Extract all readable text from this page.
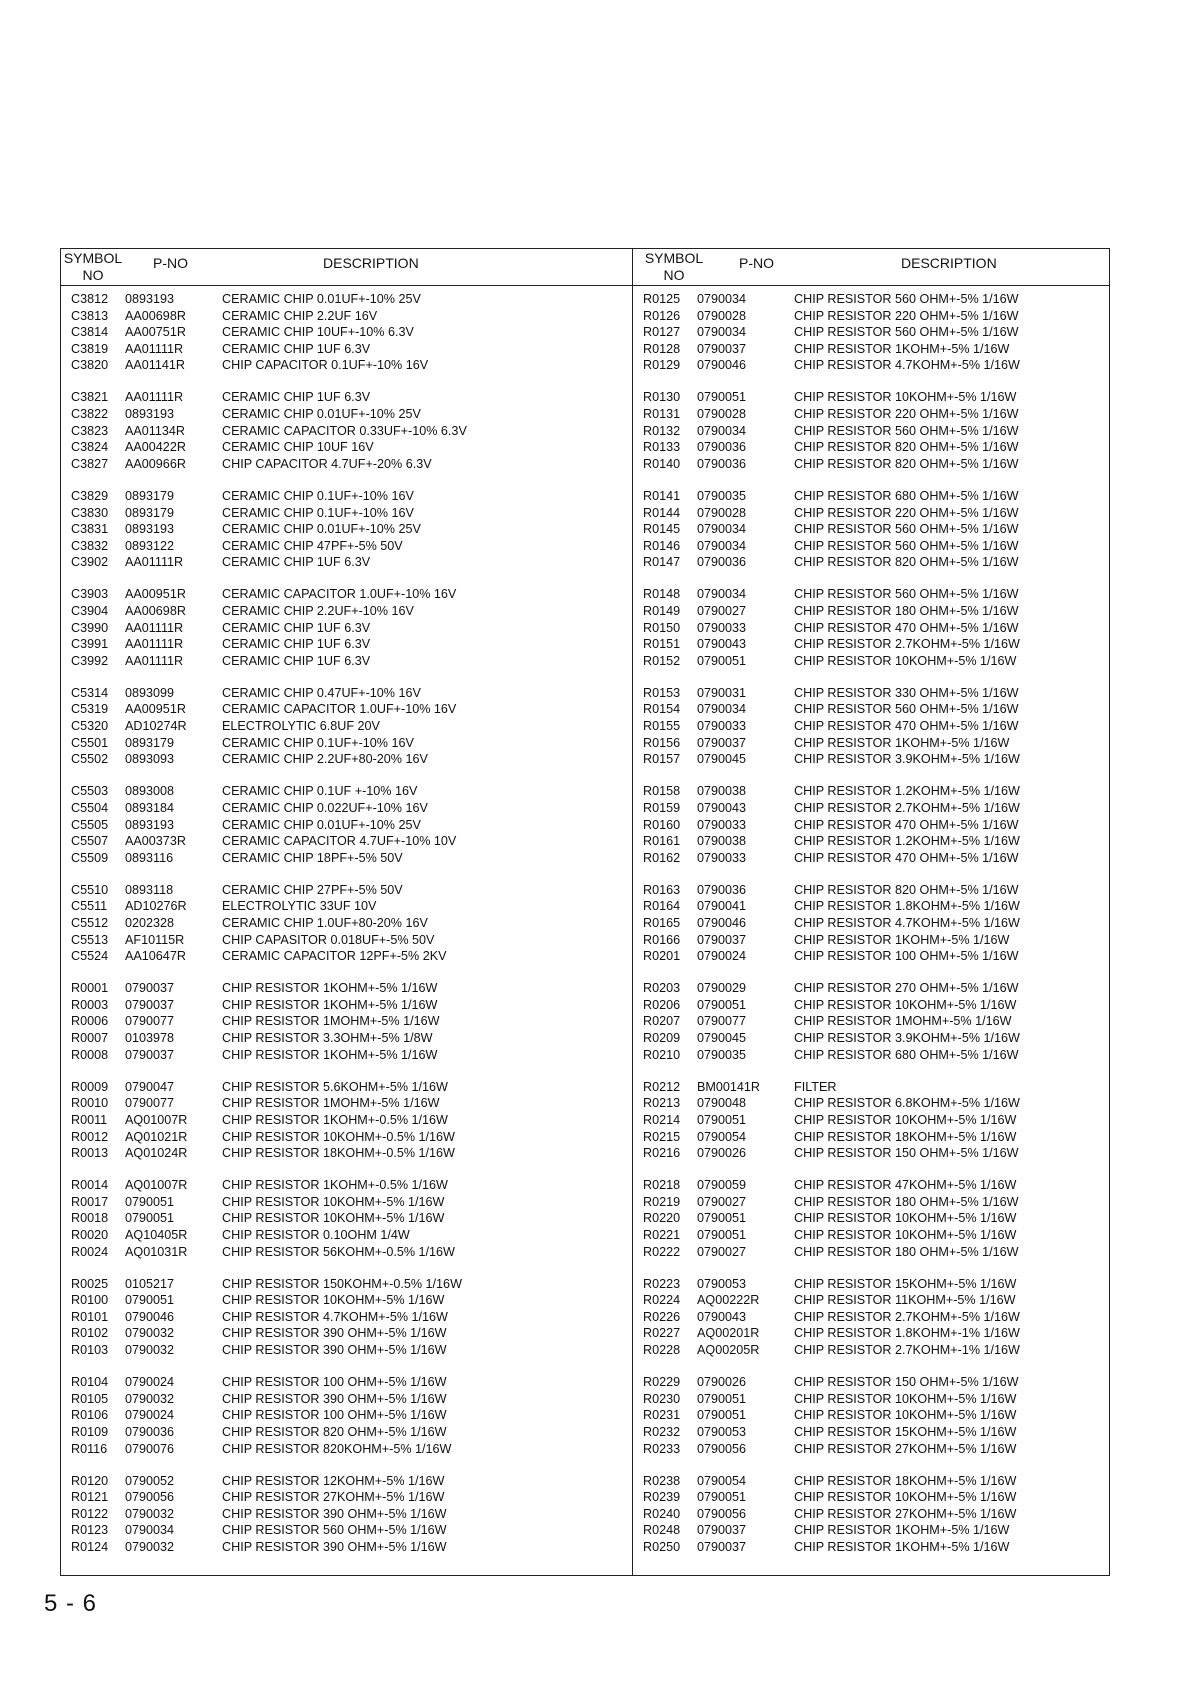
SYMBOL
NO
P-NO	DESCRIPTION	SYMBOL
NO
P-NO	DESCRIPTION
C3812	0893193	CERAMIC CHIP 0.01UF+-10% 25V
C3813	AA00698R	CERAMIC CHIP 2.2UF 16V
C3814	AA00751R	CERAMIC CHIP 10UF+-10% 6.3V
C3819	AA01111R	CERAMIC CHIP 1UF 6.3V
C3820	AA01141R	CHIP CAPACITOR 0.1UF+-10% 16V
C3821	AA01111R	CERAMIC CHIP 1UF 6.3V
C3822	0893193	CERAMIC CHIP 0.01UF+-10% 25V
C3823	AA01134R	CERAMIC CAPACITOR 0.33UF+-10% 6.3V
C3824	AA00422R	CERAMIC CHIP 10UF 16V
C3827	AA00966R	CHIP CAPACITOR 4.7UF+-20% 6.3V
C3829	0893179	CERAMIC CHIP 0.1UF+-10% 16V
C3830	0893179	CERAMIC CHIP 0.1UF+-10% 16V
C3831	0893193	CERAMIC CHIP 0.01UF+-10% 25V
C3832	0893122	CERAMIC CHIP 47PF+-5% 50V
C3902	AA01111R	CERAMIC CHIP 1UF 6.3V
C3903	AA00951R	CERAMIC CAPACITOR 1.0UF+-10% 16V
C3904	AA00698R	CERAMIC CHIP 2.2UF+-10% 16V
C3990	AA01111R	CERAMIC CHIP 1UF 6.3V
C3991	AA01111R	CERAMIC CHIP 1UF 6.3V
C3992	AA01111R	CERAMIC CHIP 1UF 6.3V
C5314	0893099	CERAMIC CHIP 0.47UF+-10% 16V
C5319	AA00951R	CERAMIC CAPACITOR 1.0UF+-10% 16V
C5320	AD10274R	ELECTROLYTIC 6.8UF 20V
C5501	0893179	CERAMIC CHIP 0.1UF+-10% 16V
C5502	0893093	CERAMIC CHIP 2.2UF+80-20% 16V
C5503	0893008	CERAMIC CHIP 0.1UF +-10% 16V
C5504	0893184	CERAMIC CHIP 0.022UF+-10% 16V
C5505	0893193	CERAMIC CHIP 0.01UF+-10% 25V
C5507	AA00373R	CERAMIC CAPACITOR 4.7UF+-10% 10V
C5509	0893116	CERAMIC CHIP 18PF+-5% 50V
C5510	0893118	CERAMIC CHIP 27PF+-5% 50V
C5511	AD10276R	ELECTROLYTIC 33UF 10V
C5512	0202328	CERAMIC CHIP 1.0UF+80-20% 16V
C5513	AF10115R	CHIP CAPASITOR 0.018UF+-5% 50V
C5524	AA10647R	CERAMIC CAPACITOR 12PF+-5% 2KV
R0001	0790037	CHIP RESISTOR 1KOHM+-5% 1/16W
R0003	0790037	CHIP RESISTOR 1KOHM+-5% 1/16W
R0006	0790077	CHIP RESISTOR 1MOHM+-5% 1/16W
R0007	0103978	CHIP RESISTOR 3.3OHM+-5% 1/8W
R0008	0790037	CHIP RESISTOR 1KOHM+-5% 1/16W
R0009	0790047	CHIP RESISTOR 5.6KOHM+-5% 1/16W
R0010	0790077	CHIP RESISTOR 1MOHM+-5% 1/16W
R0011	AQ01007R	CHIP RESISTOR 1KOHM+-0.5% 1/16W
R0012	AQ01021R	CHIP RESISTOR 10KOHM+-0.5% 1/16W
R0013	AQ01024R	CHIP RESISTOR 18KOHM+-0.5% 1/16W
R0014	AQ01007R	CHIP RESISTOR 1KOHM+-0.5% 1/16W
R0017	0790051	CHIP RESISTOR 10KOHM+-5% 1/16W
R0018	0790051	CHIP RESISTOR 10KOHM+-5% 1/16W
R0020	AQ10405R	CHIP RESISTOR 0.10OHM 1/4W
R0024	AQ01031R	CHIP RESISTOR 56KOHM+-0.5% 1/16W
R0025	0105217	CHIP RESISTOR 150KOHM+-0.5% 1/16W
R0100	0790051	CHIP RESISTOR 10KOHM+-5% 1/16W
R0101	0790046	CHIP RESISTOR 4.7KOHM+-5% 1/16W
R0102	0790032	CHIP RESISTOR 390 OHM+-5% 1/16W
R0103	0790032	CHIP RESISTOR 390 OHM+-5% 1/16W
R0104	0790024	CHIP RESISTOR 100 OHM+-5% 1/16W
R0105	0790032	CHIP RESISTOR 390 OHM+-5% 1/16W
R0106	0790024	CHIP RESISTOR 100 OHM+-5% 1/16W
R0109	0790036	CHIP RESISTOR 820 OHM+-5% 1/16W
R0116	0790076	CHIP RESISTOR 820KOHM+-5% 1/16W
R0120	0790052	CHIP RESISTOR 12KOHM+-5% 1/16W
R0121	0790056	CHIP RESISTOR 27KOHM+-5% 1/16W
R0122	0790032	CHIP RESISTOR 390 OHM+-5% 1/16W
R0123	0790034	CHIP RESISTOR 560 OHM+-5% 1/16W
R0124	0790032	CHIP RESISTOR 390 OHM+-5% 1/16W
R0125	0790034	CHIP RESISTOR 560 OHM+-5% 1/16W
R0126	0790028	CHIP RESISTOR 220 OHM+-5% 1/16W
R0127	0790034	CHIP RESISTOR 560 OHM+-5% 1/16W
R0128	0790037	CHIP RESISTOR 1KOHM+-5% 1/16W
R0129	0790046	CHIP RESISTOR 4.7KOHM+-5% 1/16W
R0130	0790051	CHIP RESISTOR 10KOHM+-5% 1/16W
R0131	0790028	CHIP RESISTOR 220 OHM+-5% 1/16W
R0132	0790034	CHIP RESISTOR 560 OHM+-5% 1/16W
R0133	0790036	CHIP RESISTOR 820 OHM+-5% 1/16W
R0140	0790036	CHIP RESISTOR 820 OHM+-5% 1/16W
R0141	0790035	CHIP RESISTOR 680 OHM+-5% 1/16W
R0144	0790028	CHIP RESISTOR 220 OHM+-5% 1/16W
R0145	0790034	CHIP RESISTOR 560 OHM+-5% 1/16W
R0146	0790034	CHIP RESISTOR 560 OHM+-5% 1/16W
R0147	0790036	CHIP RESISTOR 820 OHM+-5% 1/16W
R0148	0790034	CHIP RESISTOR 560 OHM+-5% 1/16W
R0149	0790027	CHIP RESISTOR 180 OHM+-5% 1/16W
R0150	0790033	CHIP RESISTOR 470 OHM+-5% 1/16W
R0151	0790043	CHIP RESISTOR 2.7KOHM+-5% 1/16W
R0152	0790051	CHIP RESISTOR 10KOHM+-5% 1/16W
R0153	0790031	CHIP RESISTOR 330 OHM+-5% 1/16W
R0154	0790034	CHIP RESISTOR 560 OHM+-5% 1/16W
R0155	0790033	CHIP RESISTOR 470 OHM+-5% 1/16W
R0156	0790037	CHIP RESISTOR 1KOHM+-5% 1/16W
R0157	0790045	CHIP RESISTOR 3.9KOHM+-5% 1/16W
R0158	0790038	CHIP RESISTOR 1.2KOHM+-5% 1/16W
R0159	0790043	CHIP RESISTOR 2.7KOHM+-5% 1/16W
R0160	0790033	CHIP RESISTOR 470 OHM+-5% 1/16W
R0161	0790038	CHIP RESISTOR 1.2KOHM+-5% 1/16W
R0162	0790033	CHIP RESISTOR 470 OHM+-5% 1/16W
R0163	0790036	CHIP RESISTOR 820 OHM+-5% 1/16W
R0164	0790041	CHIP RESISTOR 1.8KOHM+-5% 1/16W
R0165	0790046	CHIP RESISTOR 4.7KOHM+-5% 1/16W
R0166	0790037	CHIP RESISTOR 1KOHM+-5% 1/16W
R0201	0790024	CHIP RESISTOR 100 OHM+-5% 1/16W
R0203	0790029	CHIP RESISTOR 270 OHM+-5% 1/16W
R0206	0790051	CHIP RESISTOR 10KOHM+-5% 1/16W
R0207	0790077	CHIP RESISTOR 1MOHM+-5% 1/16W
R0209	0790045	CHIP RESISTOR 3.9KOHM+-5% 1/16W
R0210	0790035	CHIP RESISTOR 680 OHM+-5% 1/16W
R0212	BM00141R	FILTER
R0213	0790048	CHIP RESISTOR 6.8KOHM+-5% 1/16W
R0214	0790051	CHIP RESISTOR 10KOHM+-5% 1/16W
R0215	0790054	CHIP RESISTOR 18KOHM+-5% 1/16W
R0216	0790026	CHIP RESISTOR 150 OHM+-5% 1/16W
R0218	0790059	CHIP RESISTOR 47KOHM+-5% 1/16W
R0219	0790027	CHIP RESISTOR 180 OHM+-5% 1/16W
R0220	0790051	CHIP RESISTOR 10KOHM+-5% 1/16W
R0221	0790051	CHIP RESISTOR 10KOHM+-5% 1/16W
R0222	0790027	CHIP RESISTOR 180 OHM+-5% 1/16W
R0223	0790053	CHIP RESISTOR 15KOHM+-5% 1/16W
R0224	AQ00222R	CHIP RESISTOR 11KOHM+-5% 1/16W
R0226	0790043	CHIP RESISTOR 2.7KOHM+-5% 1/16W
R0227	AQ00201R	CHIP RESISTOR 1.8KOHM+-1% 1/16W
R0228	AQ00205R	CHIP RESISTOR 2.7KOHM+-1% 1/16W
R0229	0790026	CHIP RESISTOR 150 OHM+-5% 1/16W
R0230	0790051	CHIP RESISTOR 10KOHM+-5% 1/16W
R0231	0790051	CHIP RESISTOR 10KOHM+-5% 1/16W
R0232	0790053	CHIP RESISTOR 15KOHM+-5% 1/16W
R0233	0790056	CHIP RESISTOR 27KOHM+-5% 1/16W
R0238	0790054	CHIP RESISTOR 18KOHM+-5% 1/16W
R0239	0790051	CHIP RESISTOR 10KOHM+-5% 1/16W
R0240	0790056	CHIP RESISTOR 27KOHM+-5% 1/16W
R0248	0790037	CHIP RESISTOR 1KOHM+-5% 1/16W
R0250	0790037	CHIP RESISTOR 1KOHM+-5% 1/16W
5 - 6
